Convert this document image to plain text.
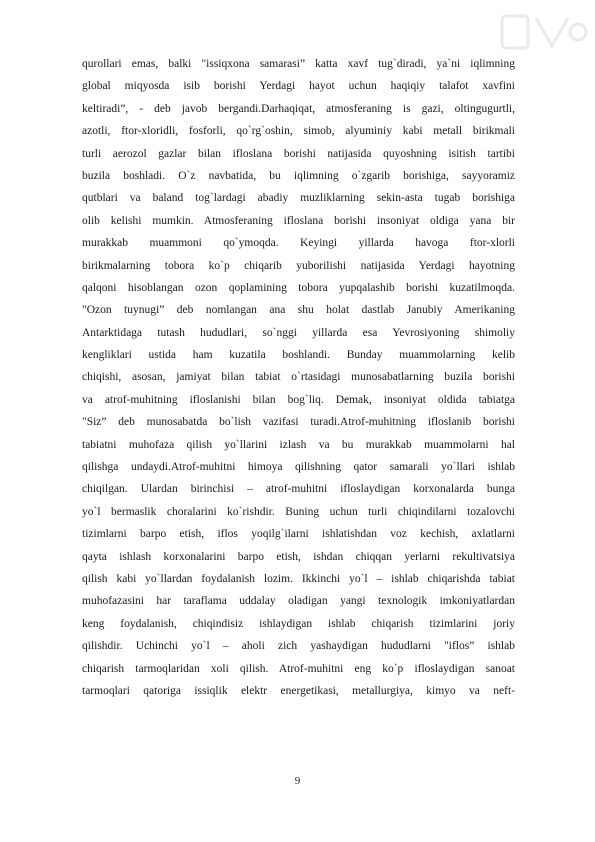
qurollari emas, balki "issiqxona samarasi” katta xavf tug`diradi, ya`ni iqlimning
global miqyosda isib borishi Yerdagi hayot uchun haqiqiy talafot xavfini
keltiradi”, - deb javob bergandi.Darhaqiqat, atmosferaning is gazi, oltingugurtli,
azotli, ftor-xloridli, fosforli, qo`rg`oshin, simob, alyuminiy kabi metall birikmali
turli aerozol gazlar bilan ifloslana borishi natijasida quyoshning isitish tartibi
buzila boshladi. O`z navbatida, bu iqlimning o`zgarib borishiga, sayyoramiz
qutblari va baland tog`lardagi abadiy muzliklarning sekin-asta tugab borishiga
olib kelishi mumkin. Atmosferaning ifloslana borishi insoniyat oldiga yana bir
murakkab muammoni qo`ymoqda. Keyingi yillarda havoga ftor-xlorli
birikmalarning tobora ko`p chiqarib yuborilishi natijasida Yerdagi hayotning
qalqoni hisoblangan ozon qoplamining tobora yupqalashib borishi kuzatilmoqda.
"Ozon tuynugi” deb nomlangan ana shu holat dastlab Janubiy Amerikaning
Antarktidaga tutash hududlari, so`nggi yillarda esa Yevrosiyoning shimoliy
kengliklari ustida ham kuzatila boshlandi. Bunday muammolarning kelib
chiqishi, asosan, jamiyat bilan tabiat o`rtasidagi munosabatlarning buzila borishi
va atrof-muhitning ifloslanishi bilan bog`liq. Demak, insoniyat oldida tabiatga
"Siz” deb munosabatda bo`lish vazifasi turadi.Atrof-muhitning ifloslanib borishi
tabiatni muhofaza qilish yo`llarini izlash va bu murakkab muammolarni hal
qilishga undaydi.Atrof-muhitni himoya qilishning qator samarali yo`llari ishlab
chiqilgan. Ulardan birinchisi – atrof-muhitni ifloslaydigan korxonalarda bunga
yo`l bermaslik choralarini ko`rishdir. Buning uchun turli chiqindilarni tozalovchi
tizimlarni barpo etish, iflos yoqilg`ilarni ishlatishdan voz kechish, axlatlarni
qayta ishlash korxonalarini barpo etish, ishdan chiqqan yerlarni rekultivatsiya
qilish kabi yo`llardan foydalanish lozim. Ikkinchi yo`l – ishlab chiqarishda tabiat
muhofazasini har taraflama uddalay oladigan yangi texnologik imkoniyatlardan
keng foydalanish, chiqindisiz ishlaydigan ishlab chiqarish tizimlarini joriy
qilishdir. Uchinchi yo`l – aholi zich yashaydigan hududlarni "iflos” ishlab
chiqarish tarmoqlaridan xoli qilish. Atrof-muhitni eng ko`p ifloslaydigan sanoat
tarmoqlari qatoriga issiqlik elektr energetikasi, metallurgiya, kimyo va neft-
9
